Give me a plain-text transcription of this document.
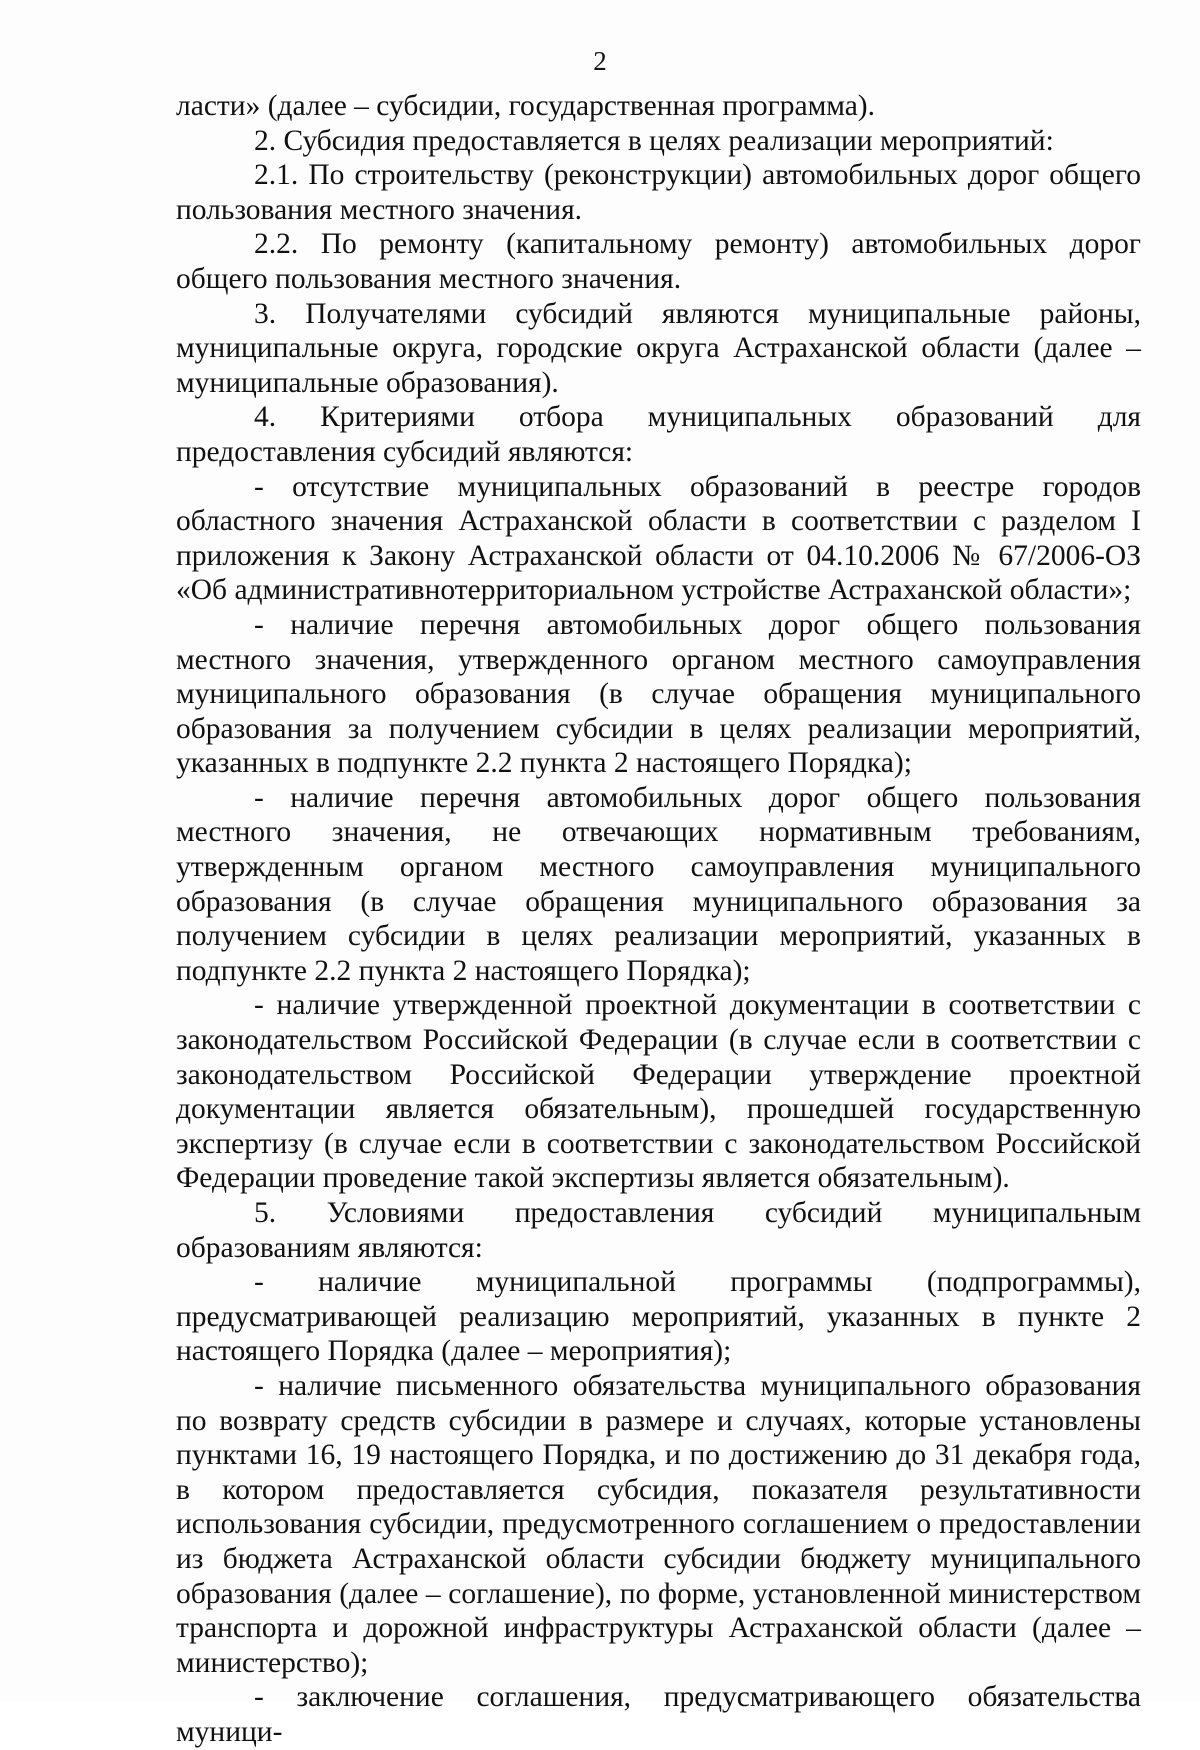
2

ласти» (далее – субсидии, государственная программа).

2. Субсидия предоставляется в целях реализации мероприятий:

2.1. По строительству (реконструкции) автомобильных дорог общего пользования местного значения.

2.2. По ремонту (капитальному ремонту) автомобильных дорог общего пользования местного значения.

3. Получателями субсидий являются муниципальные районы, муниципальные округа, городские округа Астраханской области (далее – муниципальные образования).

4. Критериями отбора муниципальных образований для предоставления субсидий являются:

- отсутствие муниципальных образований в реестре городов областного значения Астраханской области в соответствии с разделом I приложения к Закону Астраханской области от 04.10.2006 № 67/2006-ОЗ «Об административнотерриториальном устройстве Астраханской области»;

- наличие перечня автомобильных дорог общего пользования местного значения, утвержденного органом местного самоуправления муниципального образования (в случае обращения муниципального образования за получением субсидии в целях реализации мероприятий, указанных в подпункте 2.2 пункта 2 настоящего Порядка);

- наличие перечня автомобильных дорог общего пользования местного значения, не отвечающих нормативным требованиям, утвержденным органом местного самоуправления муниципального образования (в случае обращения муниципального образования за получением субсидии в целях реализации мероприятий, указанных в подпункте 2.2 пункта 2 настоящего Порядка);

- наличие утвержденной проектной документации в соответствии с законодательством Российской Федерации (в случае если в соответствии с законодательством Российской Федерации утверждение проектной документации является обязательным), прошедшей государственную экспертизу (в случае если в соответствии с законодательством Российской Федерации проведение такой экспертизы является обязательным).

5. Условиями предоставления субсидий муниципальным образованиям являются:

- наличие муниципальной программы (подпрограммы), предусматривающей реализацию мероприятий, указанных в пункте 2 настоящего Порядка (далее – мероприятия);

- наличие письменного обязательства муниципального образования по возврату средств субсидии в размере и случаях, которые установлены пунктами 16, 19 настоящего Порядка, и по достижению до 31 декабря года, в котором предоставляется субсидия, показателя результативности использования субсидии, предусмотренного соглашением о предоставлении из бюджета Астраханской области субсидии бюджету муниципального образования (далее – соглашение), по форме, установленной министерством транспорта и дорожной инфраструктуры Астраханской области (далее – министерство);

- заключение соглашения, предусматривающего обязательства муници-
